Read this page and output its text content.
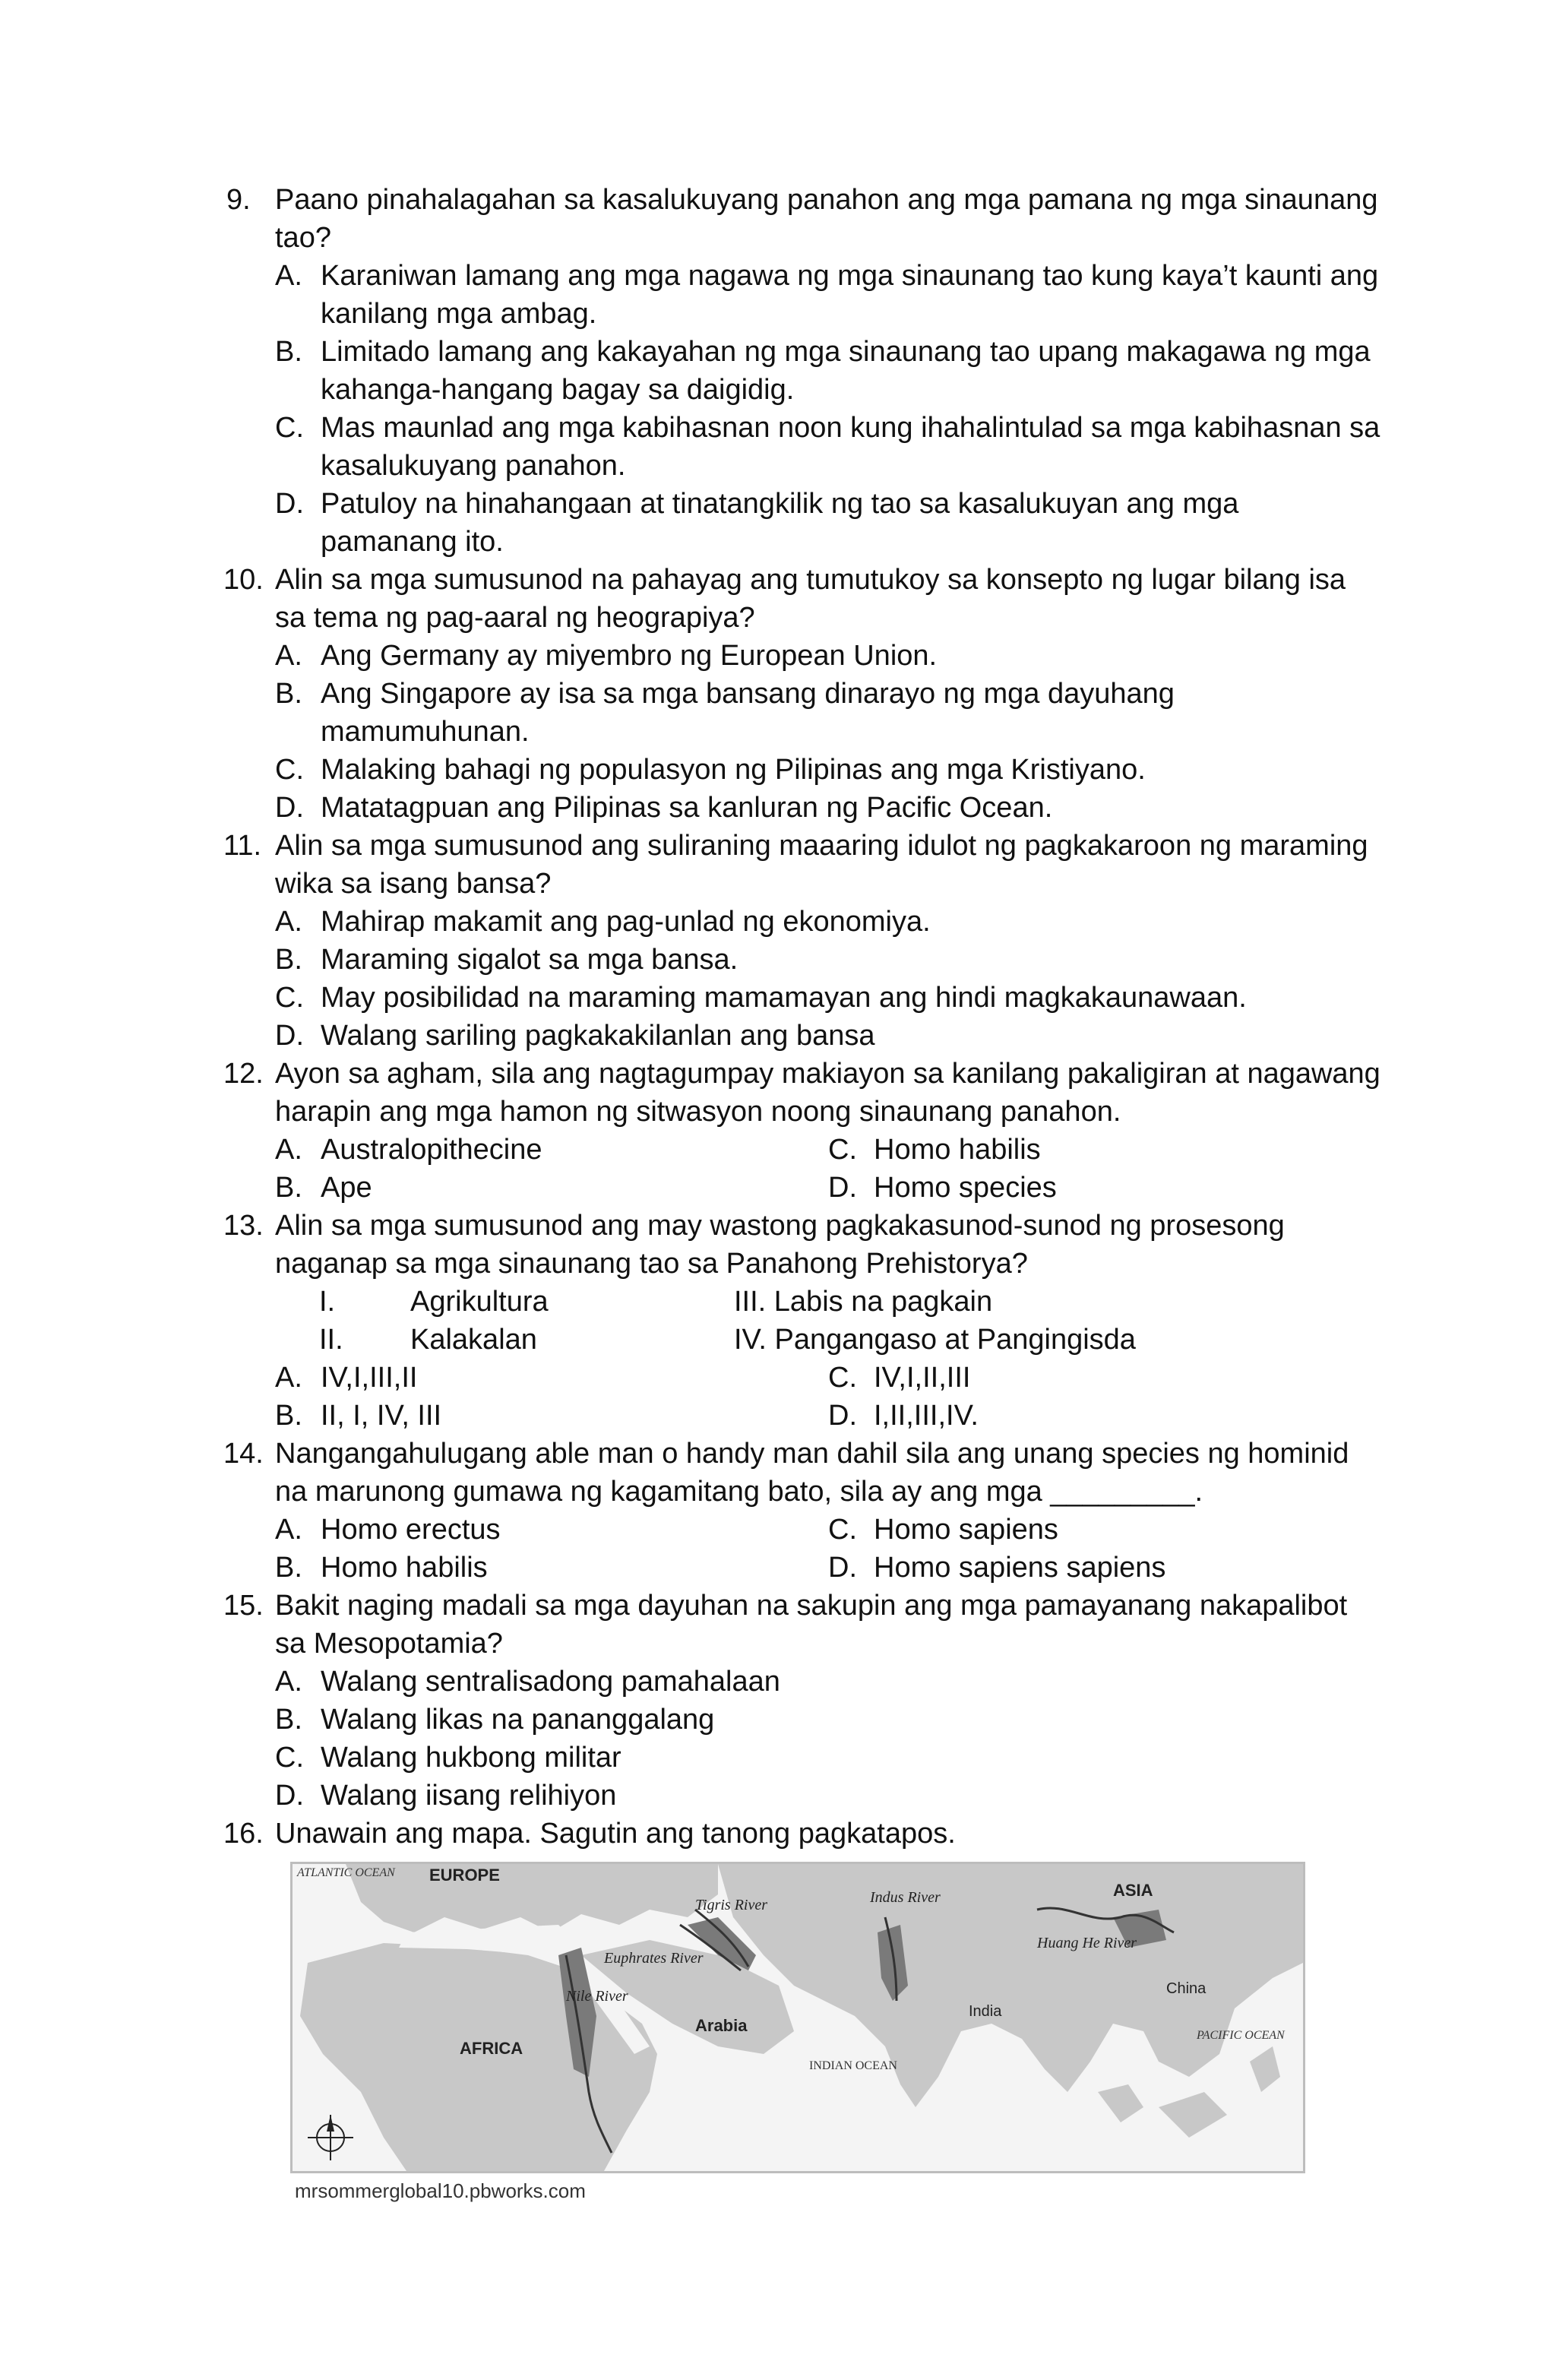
9. Paano pinahalagahan sa kasalukuyang panahon ang mga pamana ng mga sinaunang tao?
A. Karaniwan lamang ang mga nagawa ng mga sinaunang tao kung kaya’t kaunti ang kanilang mga ambag.
B. Limitado lamang ang kakayahan ng mga sinaunang tao upang makagawa ng mga kahanga-hangang bagay sa daigidig.
C. Mas maunlad ang mga kabihasnan noon kung ihahalintulad sa mga kabihasnan sa kasalukuyang panahon.
D. Patuloy na hinahangaan at tinatangkilik ng tao sa kasalukuyan ang mga pamanang ito.
10. Alin sa mga sumusunod na pahayag ang tumutukoy sa konsepto ng lugar bilang isa sa tema ng pag-aaral ng heograpiya?
A. Ang Germany ay miyembro ng European Union.
B. Ang Singapore ay isa sa mga bansang dinarayo ng mga dayuhang mamumuhunan.
C. Malaking bahagi ng populasyon ng Pilipinas ang mga Kristiyano.
D. Matatagpuan ang Pilipinas sa kanluran ng Pacific Ocean.
11. Alin sa mga sumusunod ang suliraning maaaring idulot ng pagkakaroon ng maraming wika sa isang bansa?
A. Mahirap makamit ang pag-unlad ng ekonomiya.
B. Maraming sigalot sa mga bansa.
C. May posibilidad na maraming mamamayan ang hindi magkakaunawaan.
D. Walang sariling pagkakakilanlan ang bansa
12. Ayon sa agham, sila ang nagtagumpay makiayon sa kanilang pakaligiran at nagawang harapin ang mga hamon ng sitwasyon noong sinaunang panahon.
A. Australopithecine	C. Homo habilis
B. Ape	D. Homo species
13. Alin sa mga sumusunod ang may wastong pagkakasunod-sunod ng prosesong naganap sa mga sinaunang tao sa Panahong Prehistorya?
I.	Agrikultura	III. Labis na pagkain
II.	Kalakalan	IV. Pangangaso at Pangingisda
A. IV,I,III,II	C. IV,I,II,III
B. II, I, IV, III	D. I,II,III,IV.
14. Nangangahulugang able man o handy man dahil sila ang unang species ng hominid na marunong gumawa ng kagamitang bato, sila ay ang mga _________.
A. Homo erectus	C. Homo sapiens
B. Homo habilis	D. Homo sapiens sapiens
15. Bakit naging madali sa mga dayuhan na sakupin ang mga pamayanang nakapalibot sa Mesopotamia?
A. Walang sentralisadong pamahalaan
B. Walang likas na pananggalang
C. Walang hukbong militar
D. Walang iisang relihiyon
16. Unawain ang mapa. Sagutin ang tanong pagkatapos.
ATLANTIC OCEAN EUROPE
ASIA
Tigris River
Euphrates River
Nile River
Indus River
Huang He River
China
India
Arabia
AFRICA
INDIAN OCEAN
PACIFIC OCEAN
mrsommerglobal10.pbworks.com
